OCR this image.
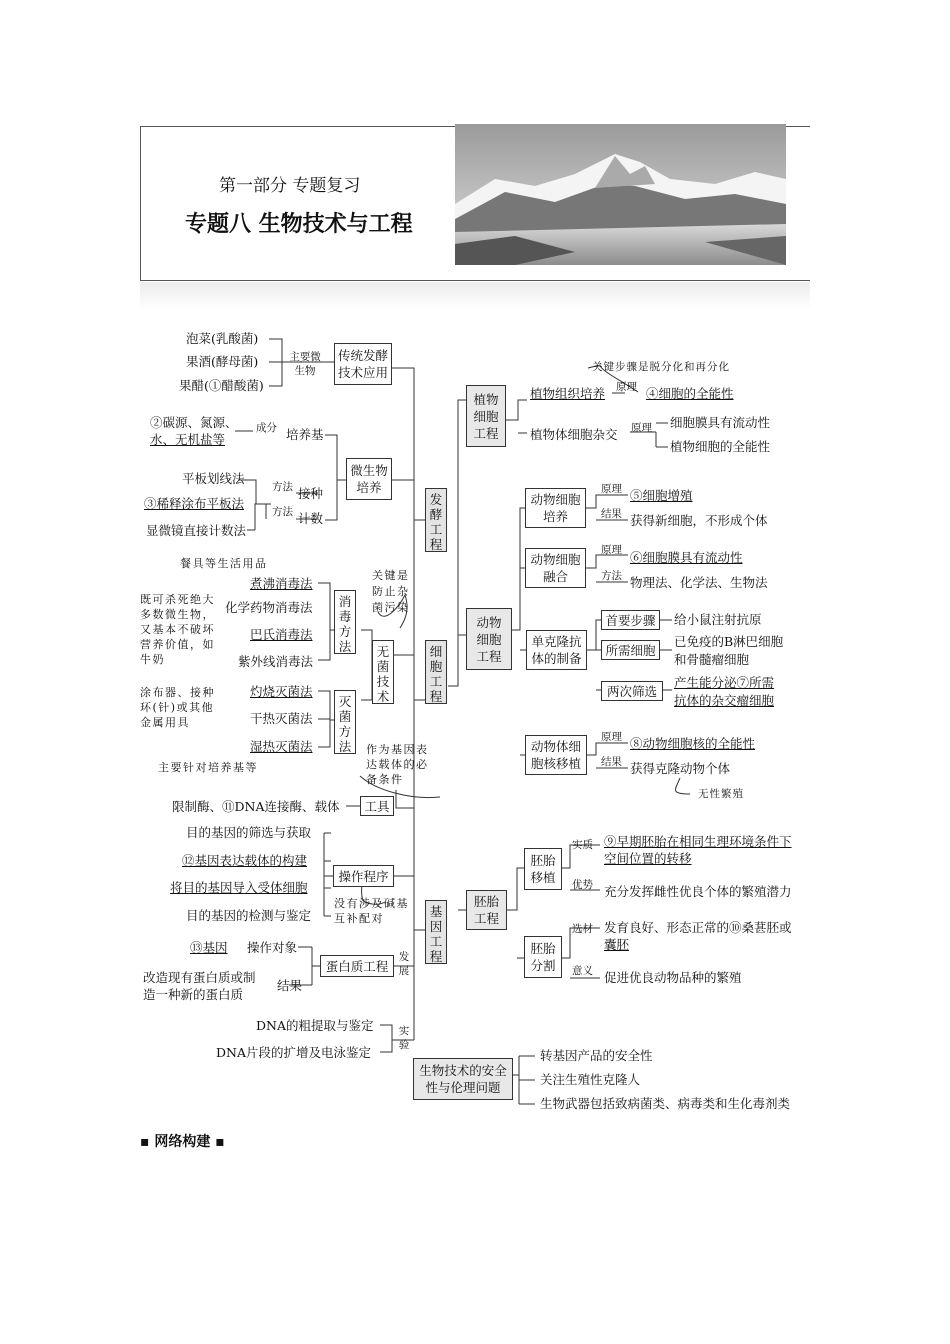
第一部分 专题复习
专题八 生物技术与工程
泡菜(乳酸菌)
果酒(酵母菌)
果醋(①醋酸菌)
主要微生物
传统发酵技术应用
②碳源、氮源、
水、无机盐等
成分 培养基
微生物培养
平板划线法
③稀释涂布平板法
显微镜直接计数法
方法
方法
接种
计数
餐具等生活用品
煮沸消毒法
化学药物消毒法
巴氏消毒法
紫外线消毒法
既可杀死绝大
多数微生物，
又基本不破坏
营养价值，如
牛奶
消毒方法
灭菌方法
涂布器、接种
环(针)或其他
金属用具
灼烧灭菌法
干热灭菌法
湿热灭菌法
主要针对培养基等
无菌技术
关键是防止杂菌污染
发酵工程
细胞工程
基因工程
生物技术的安全性与伦理问题
作为基因表
达载体的必
备条件
限制酶、⑪DNA连接酶、载体	工具
目的基因的筛选与获取
⑫基因表达载体的构建
将目的基因导入受体细胞
目的基因的检测与鉴定
操作程序
没有涉及碱基
互补配对
⑬基因 操作对象
蛋白质工程
发展
改造现有蛋白质或制
造一种新的蛋白质
结果
DNA的粗提取与鉴定
DNA片段的扩增及电泳鉴定
实验
植物细胞工程
关键步骤是脱分化和再分化
植物组织培养 原理 ④细胞的全能性
植物体细胞杂交 原理 细胞膜具有流动性
植物细胞的全能性
动物细胞工程
动物细胞培养
原理 ⑤细胞增殖
结果 获得新细胞，不形成个体
动物细胞融合
原理 ⑥细胞膜具有流动性
方法 物理法、化学法、生物法
单克隆抗体的制备
首要步骤	给小鼠注射抗原
所需细胞
已免疫的B淋巴细胞
和骨髓瘤细胞
两次筛选
产生能分泌⑦所需
抗体的杂交瘤细胞
动物体细胞核移植
原理 ⑧动物细胞核的全能性
结果 获得克隆动物个体
无性繁殖
胚胎工程
胚胎移植
实质 ⑨早期胚胎在相同生理环境条件下
空间位置的转移
优势 充分发挥雌性优良个体的繁殖潜力
胚胎分割
选材 发育良好、形态正常的⑩桑葚胚或
囊胚
意义 促进优良动物品种的繁殖
转基因产品的安全性
关注生殖性克隆人
生物武器包括致病菌类、病毒类和生化毒剂类
▪ 网络构建 ▪
